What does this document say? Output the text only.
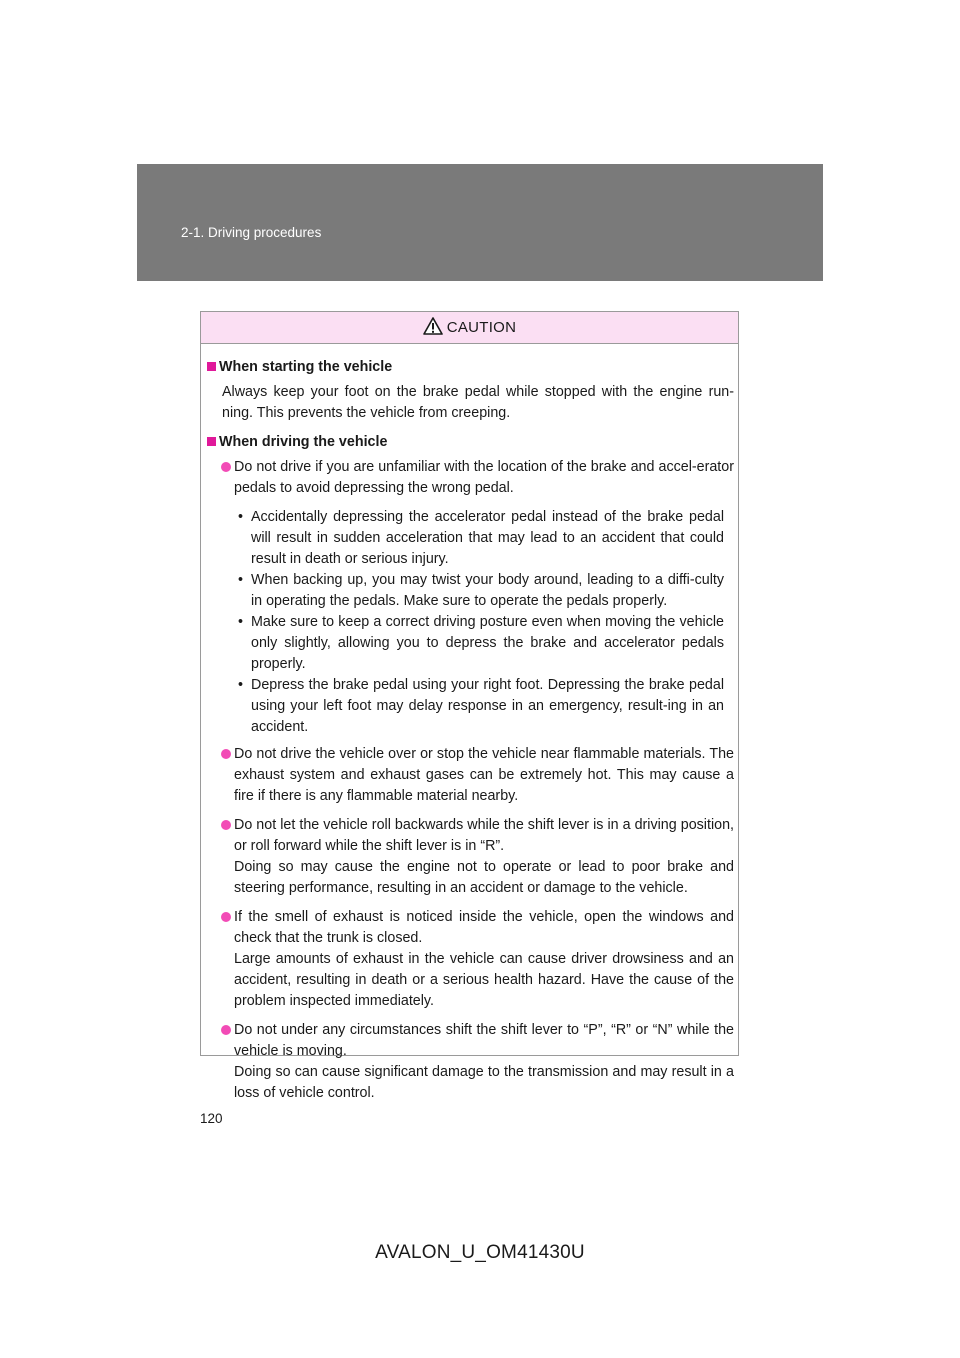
2-1. Driving procedures
CAUTION
When starting the vehicle
Always keep your foot on the brake pedal while stopped with the engine run-ning. This prevents the vehicle from creeping.
When driving the vehicle
Do not drive if you are unfamiliar with the location of the brake and accel-erator pedals to avoid depressing the wrong pedal.
• Accidentally depressing the accelerator pedal instead of the brake pedal will result in sudden acceleration that may lead to an accident that could result in death or serious injury.
• When backing up, you may twist your body around, leading to a diffi-culty in operating the pedals. Make sure to operate the pedals properly.
• Make sure to keep a correct driving posture even when moving the vehicle only slightly, allowing you to depress the brake and accelerator pedals properly.
• Depress the brake pedal using your right foot. Depressing the brake pedal using your left foot may delay response in an emergency, result-ing in an accident.
Do not drive the vehicle over or stop the vehicle near flammable materials. The exhaust system and exhaust gases can be extremely hot. This may cause a fire if there is any flammable material nearby.
Do not let the vehicle roll backwards while the shift lever is in a driving position, or roll forward while the shift lever is in “R”.
Doing so may cause the engine not to operate or lead to poor brake and steering performance, resulting in an accident or damage to the vehicle.
If the smell of exhaust is noticed inside the vehicle, open the windows and check that the trunk is closed.
Large amounts of exhaust in the vehicle can cause driver drowsiness and an accident, resulting in death or a serious health hazard. Have the cause of the problem inspected immediately.
Do not under any circumstances shift the shift lever to “P”, “R” or “N” while the vehicle is moving.
Doing so can cause significant damage to the transmission and may result in a loss of vehicle control.
120
AVALON_U_OM41430U
